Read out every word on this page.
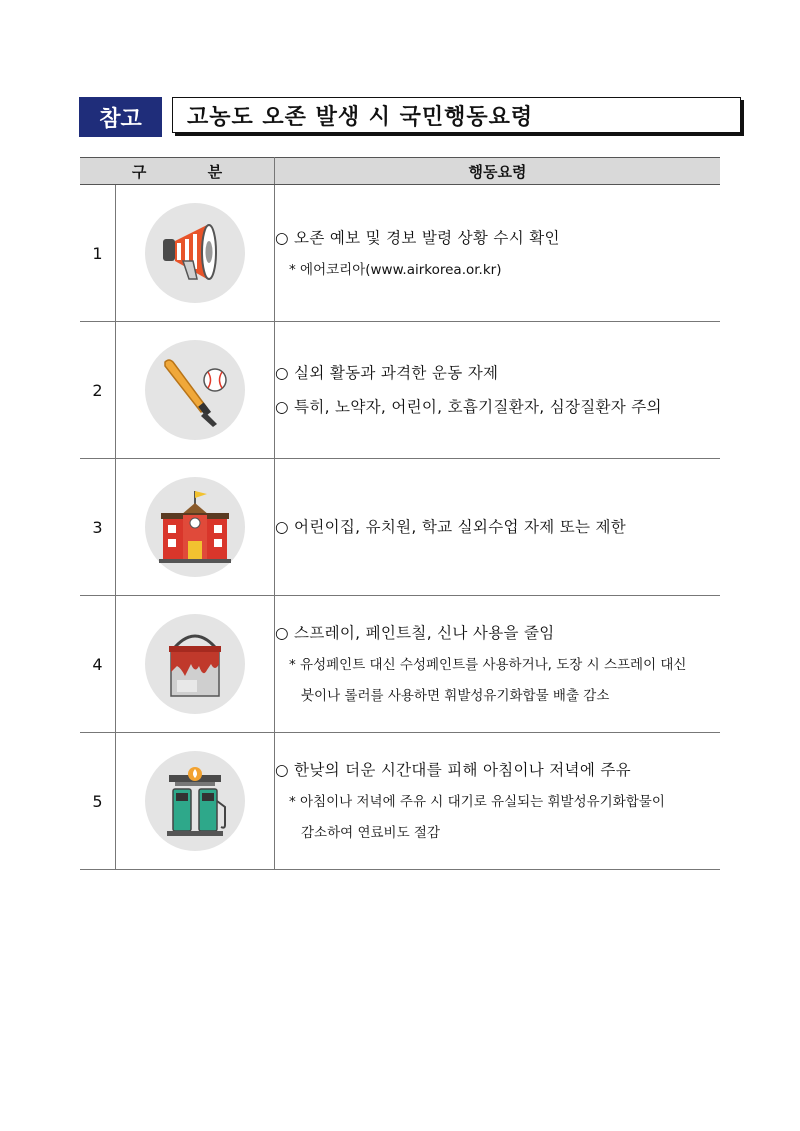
참고	고농도 오존 발생 시 국민행동요령
구 분		행동요령
1		○ 오존 예보 및 경보 발령 상황 수시 확인
* 에어코리아(www.airkorea.or.kr)

2		○ 실외 활동과 과격한 운동 자제
○ 특히, 노약자, 어린이, 호흡기질환자, 심장질환자 주의

3		○ 어린이집, 유치원, 학교 실외수업 자제 또는 제한

4		○ 스프레이, 페인트칠, 신나 사용을 줄임
* 유성페인트 대신 수성페인트를 사용하거나, 도장 시 스프레이 대신
붓이나 롤러를 사용하면 휘발성유기화합물 배출 감소

5		○ 한낮의 더운 시간대를 피해 아침이나 저녁에 주유
* 아침이나 저녁에 주유 시 대기로 유실되는 휘발성유기화합물이
감소하여 연료비도 절감
